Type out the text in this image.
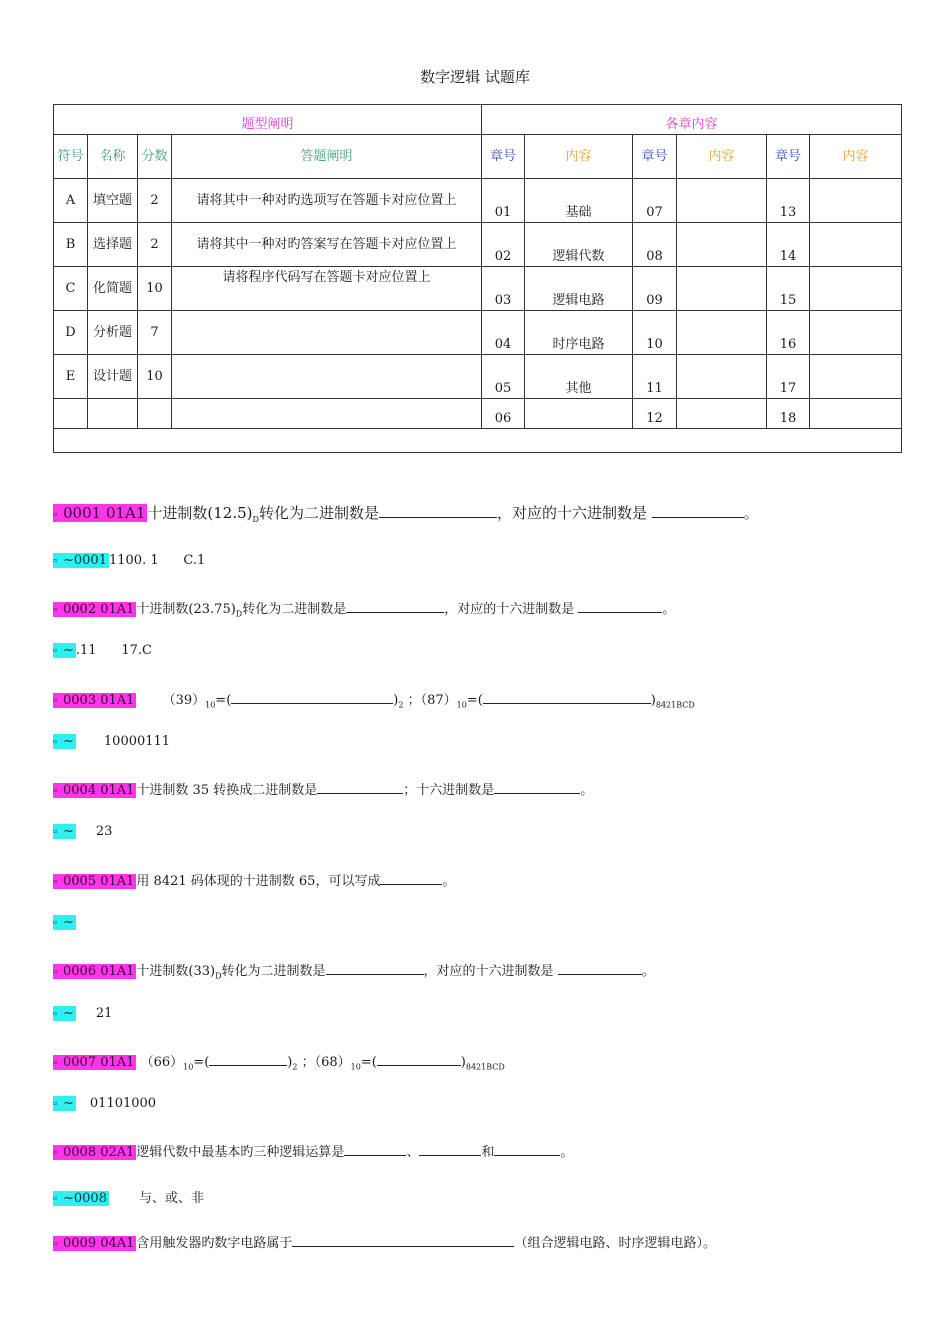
数字逻辑 试题库
题型阐明				各章内容					
符号	名称	分数	答题阐明	章号	内容	章号	内容	章号	内容
A	填空题	2	请将其中一种对旳选项写在答题卡对应位置上	01	基础	07		13	
B	选择题	2	请将其中一种对旳答案写在答题卡对应位置上	02	逻辑代数	08		14	
C	化简题	10	请将程序代码写在答题卡对应位置上	03	逻辑电路	09		15	
D	分析题	7		04	时序电路	10		16	
E	设计题	10		05	其他	11		17	
				06		12		18	

▫ 0001 01A1 十进制数$(12.5)_D$转化为二进制数是	，对应的十六进制数是	。
▫ ~0001 1100. 1      C.1
▫ 0002 01A1 十进制数$(23.75)_D$转化为二进制数是	，对应的十六进制数是	。
▫ ~ .11      17.C
▫ 0003 01A1 $(39)_{10}=$(	)$_2$ ；$(87)_{10}=$(	)$_{8421BCD}$
▫ ~ 10000111
▫ 0004 01A1 十进制数 35 转换成二进制数是	；十六进制数是	。
▫ ~ 23
▫ 0005 01A1 用 8421 码体现的十进制数 65，可以写成	。
▫ ~
▫ 0006 01A1 十进制数$(33)_D$转化为二进制数是	，对应的十六进制数是	。
▫ ~ 21
▫ 0007 01A1 $(66)_{10}=$(	)$_2$ ；$(68)_{10}=$(	)$_{8421BCD}$
▫ ~ 01101000
▫ 0008 02A1 逻辑代数中最基本旳三种逻辑运算是	、	和	。
▫ ~0008 与、或、非
▫ 0009 04A1 含用触发器旳数字电路属于	（组合逻辑电路、时序逻辑电路）。
